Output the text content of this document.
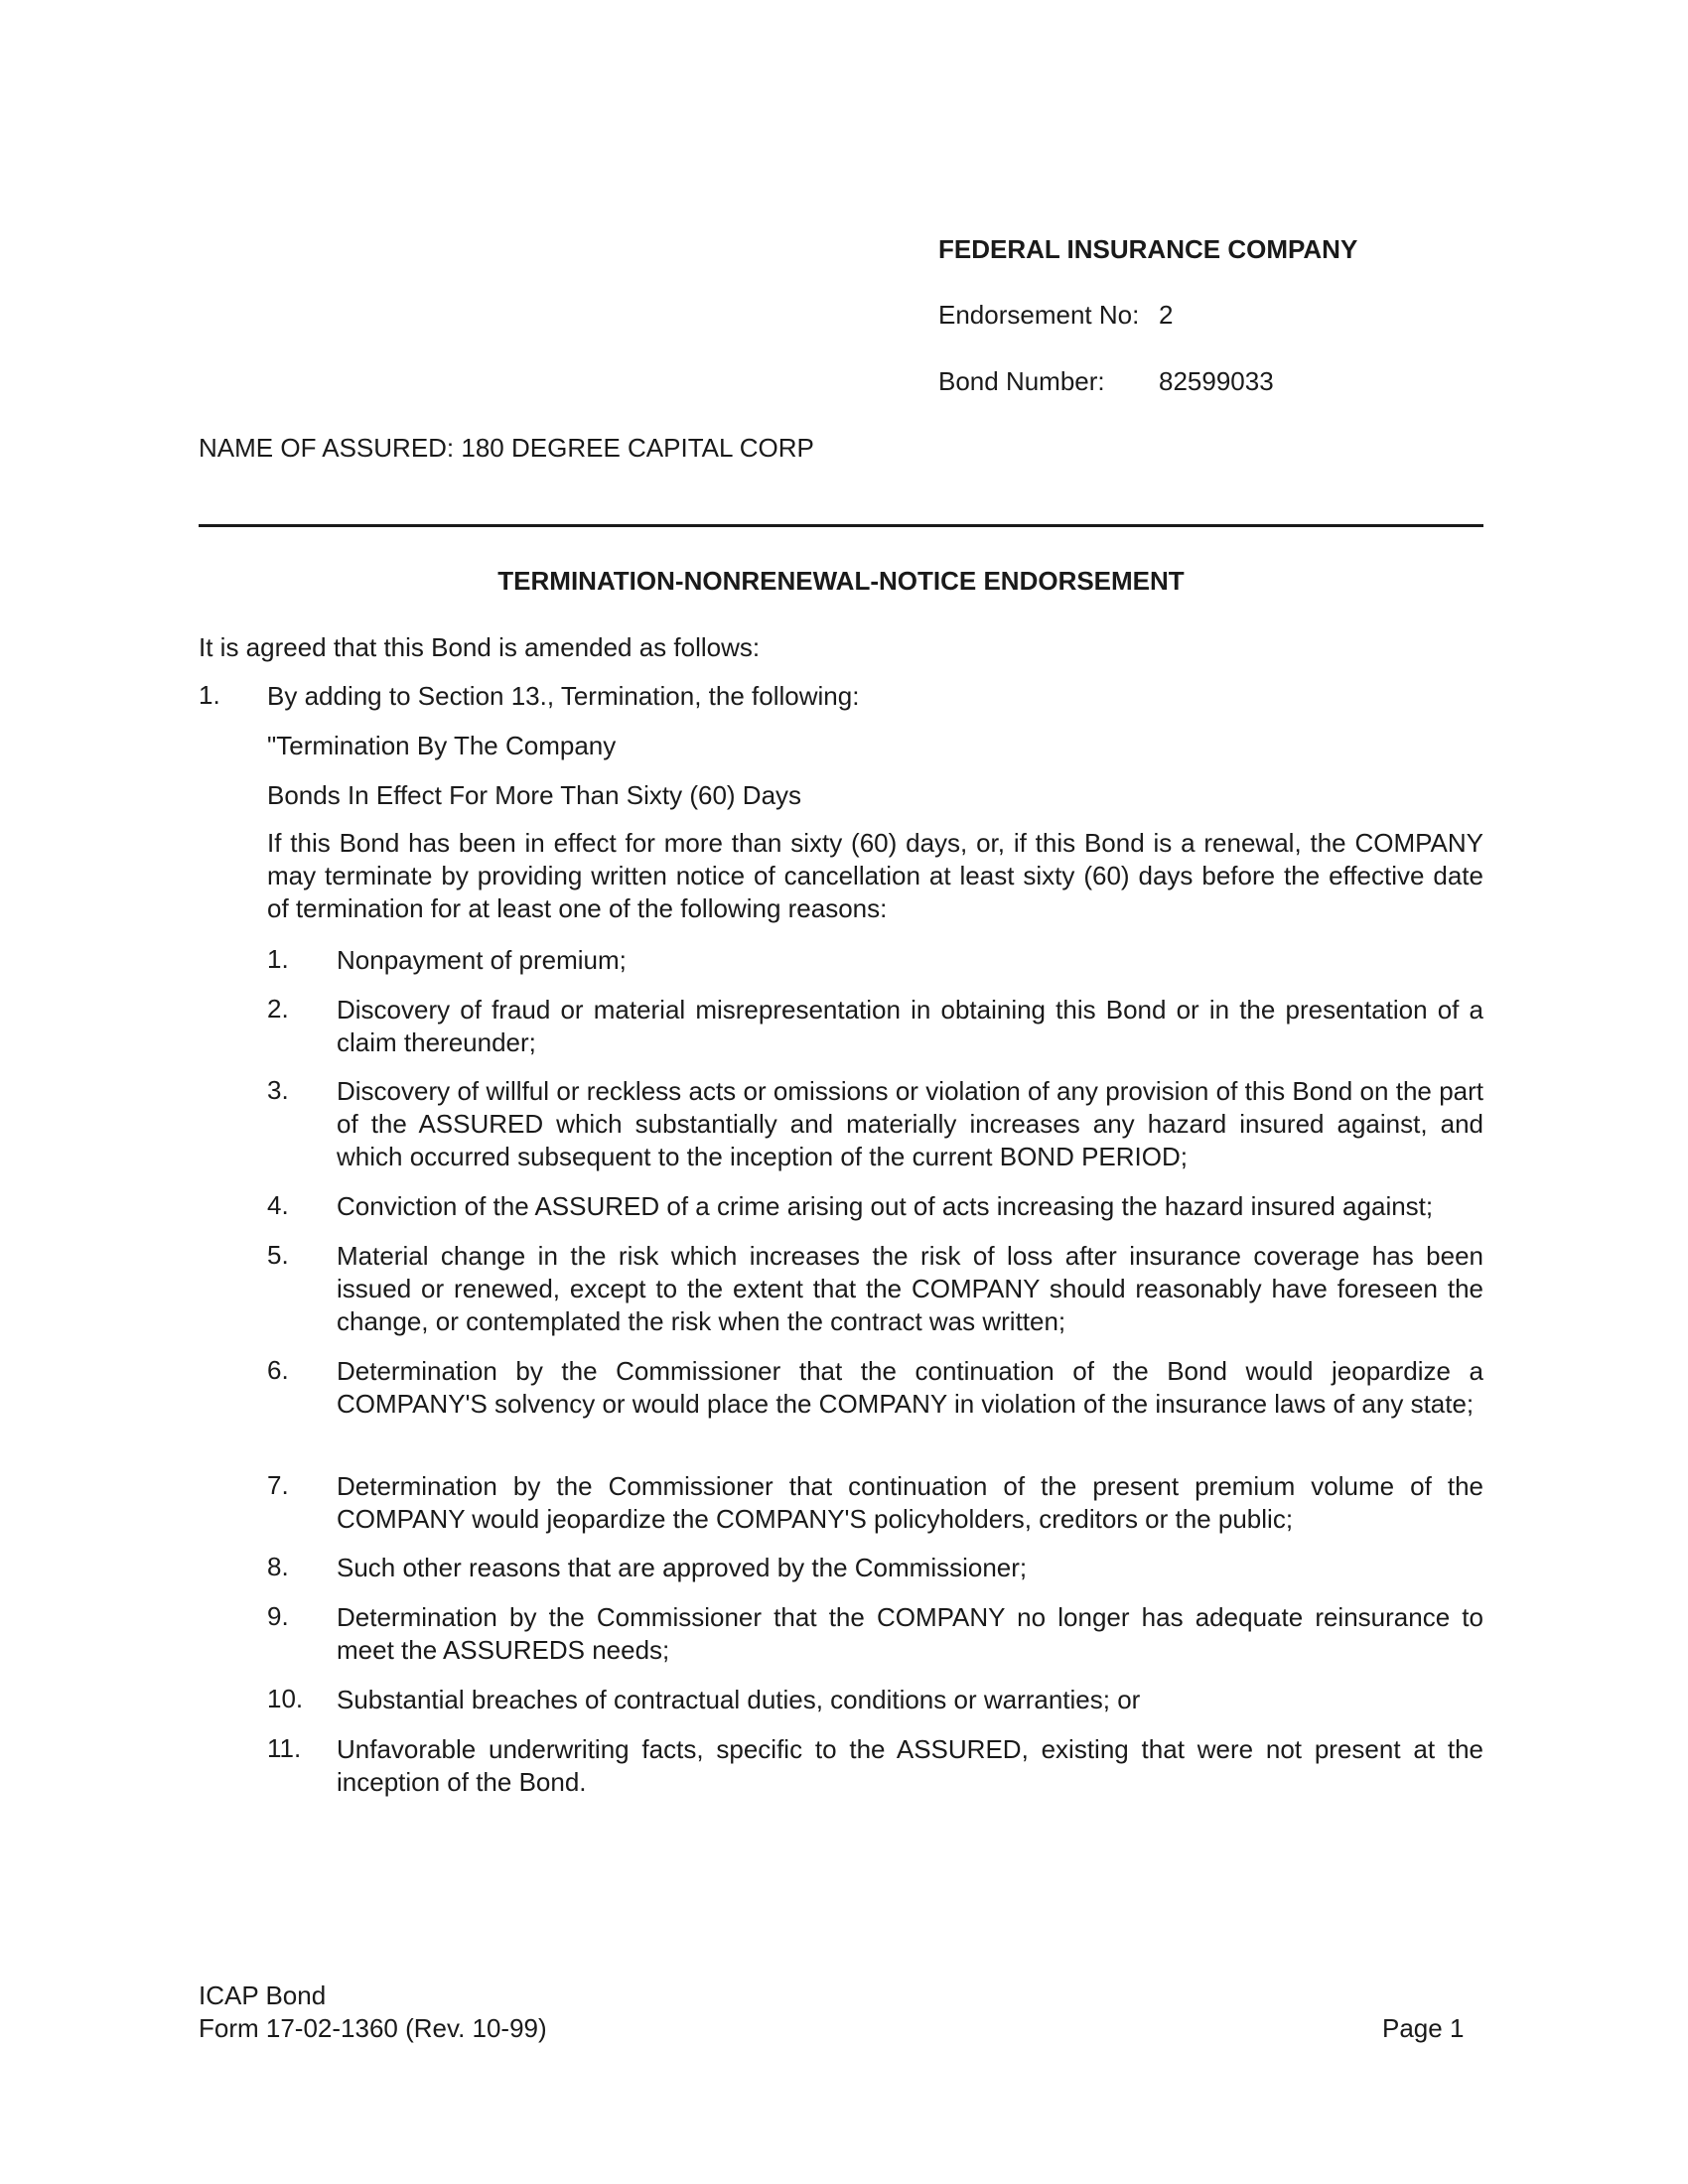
FEDERAL INSURANCE COMPANY
Endorsement No: 2
Bond Number: 82599033
NAME OF ASSURED: 180 DEGREE CAPITAL CORP
TERMINATION-NONRENEWAL-NOTICE ENDORSEMENT
It is agreed that this Bond is amended as follows:
1. By adding to Section 13., Termination, the following:
"Termination By The Company
Bonds In Effect For More Than Sixty (60) Days
If this Bond has been in effect for more than sixty (60) days, or, if this Bond is a renewal, the COMPANY may terminate by providing written notice of cancellation at least sixty (60) days before the effective date of termination for at least one of the following reasons:
1. Nonpayment of premium;
2. Discovery of fraud or material misrepresentation in obtaining this Bond or in the presentation of a claim thereunder;
3. Discovery of willful or reckless acts or omissions or violation of any provision of this Bond on the part of the ASSURED which substantially and materially increases any hazard insured against, and which occurred subsequent to the inception of the current BOND PERIOD;
4. Conviction of the ASSURED of a crime arising out of acts increasing the hazard insured against;
5. Material change in the risk which increases the risk of loss after insurance coverage has been issued or renewed, except to the extent that the COMPANY should reasonably have foreseen the change, or contemplated the risk when the contract was written;
6. Determination by the Commissioner that the continuation of the Bond would jeopardize a COMPANY'S solvency or would place the COMPANY in violation of the insurance laws of any state;
7. Determination by the Commissioner that continuation of the present premium volume of the COMPANY would jeopardize the COMPANY'S policyholders, creditors or the public;
8. Such other reasons that are approved by the Commissioner;
9. Determination by the Commissioner that the COMPANY no longer has adequate reinsurance to meet the ASSUREDS needs;
10. Substantial breaches of contractual duties, conditions or warranties; or
11. Unfavorable underwriting facts, specific to the ASSURED, existing that were not present at the inception of the Bond.
ICAP Bond
Form 17-02-1360 (Rev. 10-99)	Page 1
